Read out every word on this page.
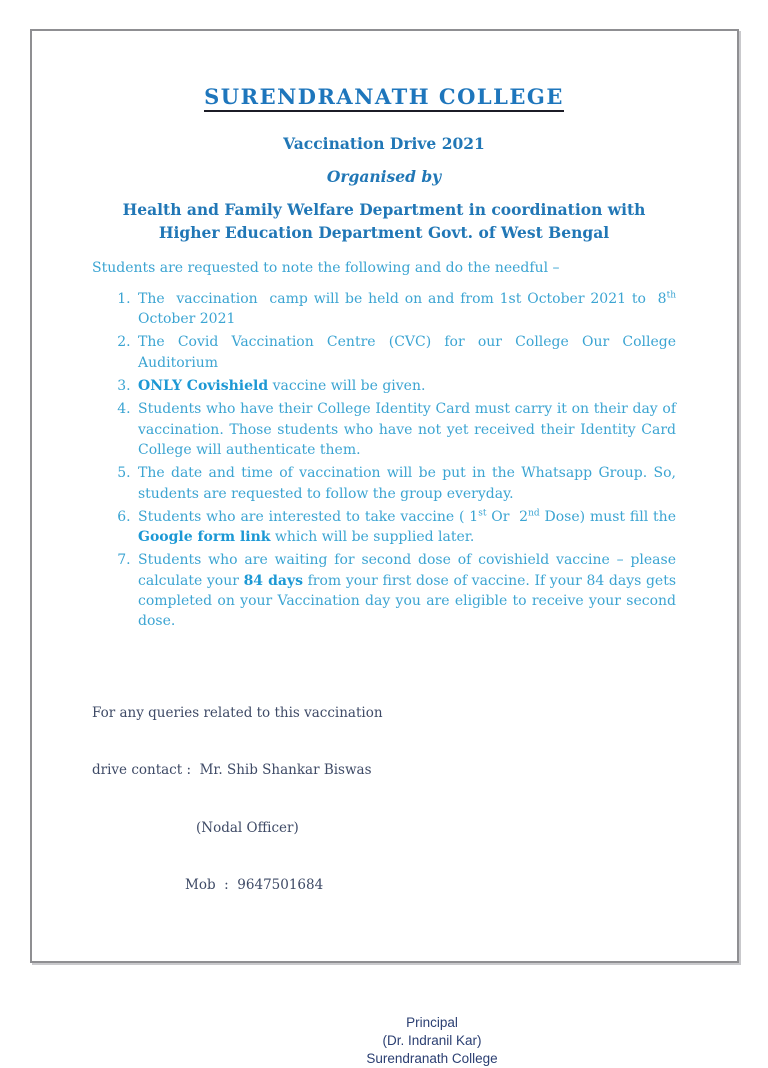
SURENDRANATH COLLEGE
Vaccination Drive 2021
Organised by
Health and Family Welfare Department in coordination with
Higher Education Department Govt. of West Bengal

Students are requested to note the following and do the needful –

1. The  vaccination  camp will be held on and from 1st October 2021 to  8th October 2021
2. The Covid Vaccination Centre (CVC) for our College Our College Auditorium
3. ONLY Covishield vaccine will be given.
4. Students who have their College Identity Card must carry it on their day of vaccination. Those students who have not yet received their Identity Card College will authenticate them.
5. The date and time of vaccination will be put in the Whatsapp Group. So, students are requested to follow the group everyday.
6. Students who are interested to take vaccine ( 1st Or  2nd Dose) must fill the Google form link which will be supplied later.
7. Students who are waiting for second dose of covishield vaccine – please calculate your 84 days from your first dose of vaccine. If your 84 days gets completed on your Vaccination day you are eligible to receive your second dose.

For any queries related to this vaccination

drive contact :  Mr. Shib Shankar Biswas

(Nodal Officer)

Mob  :  9647501684

Principal
(Dr. Indranil Kar)
Surendranath College
